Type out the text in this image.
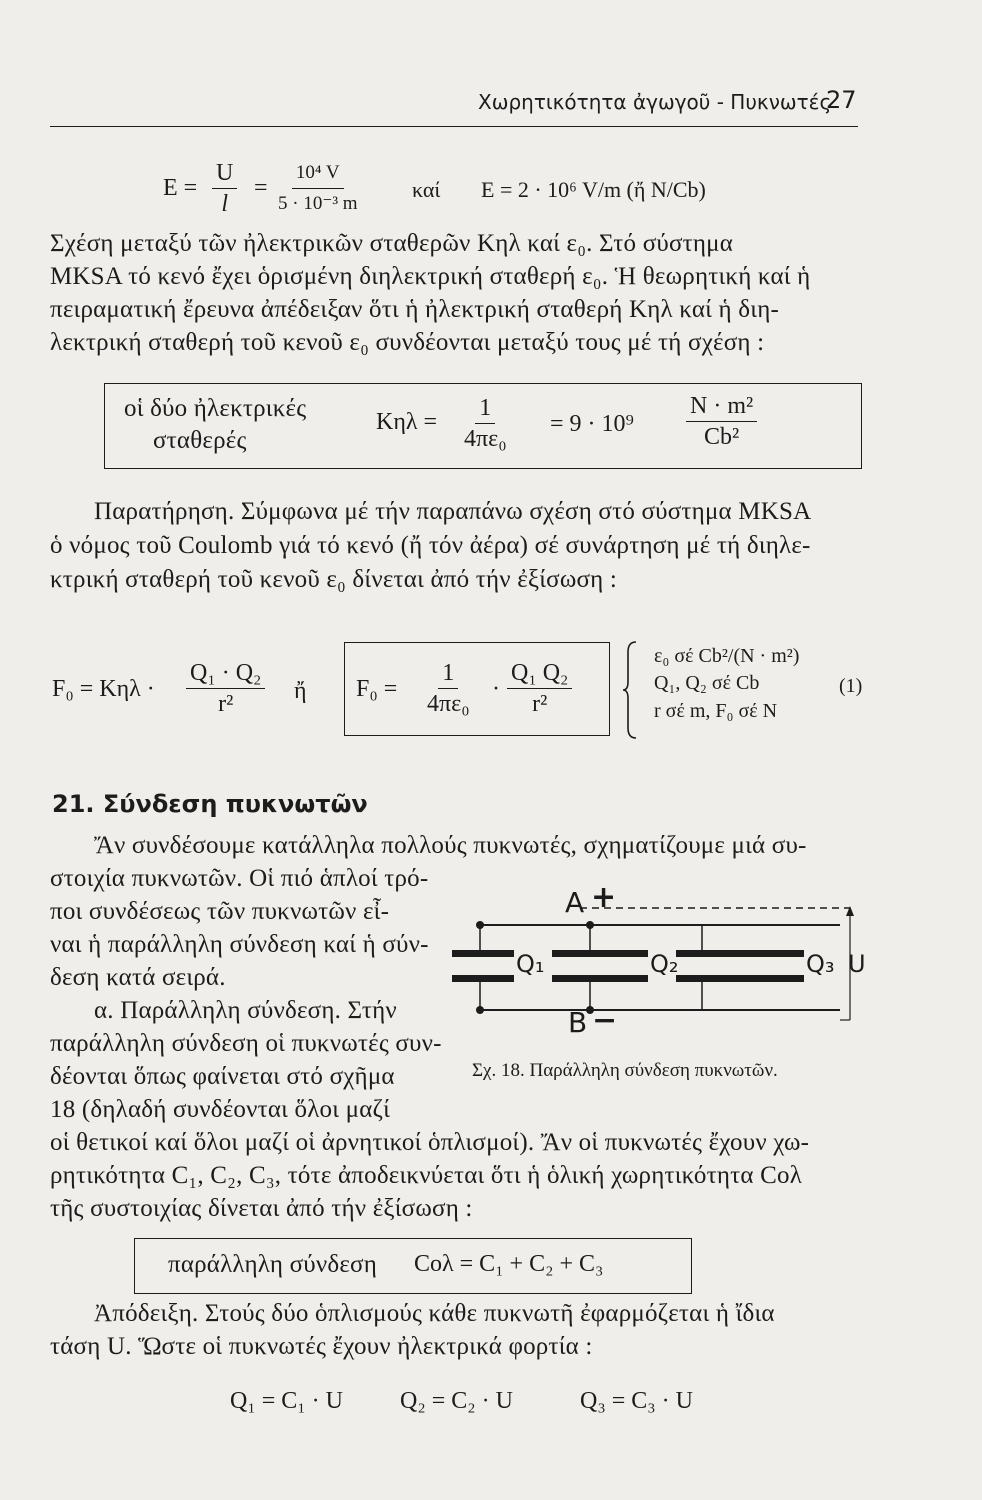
Χωρητικότητα ἀγωγοῦ - Πυκνωτές
27
$E = \frac{U}{l} = \frac{\text{10⁴ V}}{\text{5 · 10⁻³ m}}$ καί E = 2 · 10⁶ V/m (ἤ N/Cb)
Σχέση μεταξύ τῶν ἠλεκτρικῶν σταθερῶν Kηλ καί ε₀. Στό σύστημα
MKSA τό κενό ἔχει ὁρισμένη διηλεκτρική σταθερή ε₀. Ἡ θεωρητική καί ἡ
πειραματική ἔρευνα ἀπέδειξαν ὅτι ἡ ἠλεκτρική σταθερή Kηλ καί ἡ διη-
λεκτρική σταθερή τοῦ κενοῦ ε₀ συνδέονται μεταξύ τους μέ τή σχέση :
οἱ δύο ἠλεκτρικές
σταθερές
$K\eta\lambda = \frac{1}{\text{4πε₀}} = 9 \cdot 10^9 \frac{\text{N · m²}}{\text{Cb²}}$
Παρατήρηση. Σύμφωνα μέ τήν παραπάνω σχέση στό σύστημα MKSA
ὁ νόμος τοῦ Coulomb γιά τό κενό (ἤ τόν ἀέρα) σέ συνάρτηση μέ τή διηλε-
κτρική σταθερή τοῦ κενοῦ ε₀ δίνεται ἀπό τήν ἐξίσωση :
$F_0 = K\eta\lambda \cdot \frac{\text{Q₁ · Q₂}}{\text{r²}}$ ἤ $F_0 = \frac{1}{\text{4πε₀}} \cdot \frac{\text{Q₁ Q₂}}{\text{r²}}$
ε₀ σέ Cb²/(N · m²)
Q₁, Q₂ σέ Cb
r σέ m, F₀ σέ N
(1)
21. Σύνδεση πυκνωτῶν
Ἄν συνδέσουμε κατάλληλα πολλούς πυκνωτές, σχηματίζουμε μιά συ-
στοιχία πυκνωτῶν. Οἱ πιό ἁπλοί τρό-
ποι συνδέσεως τῶν πυκνωτῶν εἶ-
ναι ἡ παράλληλη σύνδεση καί ἡ σύν-
δεση κατά σειρά.
α. Παράλληλη σύνδεση. Στήν
παράλληλη σύνδεση οἱ πυκνωτές συν-
δέονται ὅπως φαίνεται στό σχῆμα
18 (δηλαδή συνδέονται ὅλοι μαζί
A +
B −
Q₁	Q₂	Q₃ U
Σχ. 18. Παράλληλη σύνδεση πυκνωτῶν.
οἱ θετικοί καί ὅλοι μαζί οἱ ἀρνητικοί ὁπλισμοί). Ἄν οἱ πυκνωτές ἔχουν χω-
ρητικότητα C₁, C₂, C₃, τότε ἀποδεικνύεται ὅτι ἡ ὁλική χωρητικότητα Cολ
τῆς συστοιχίας δίνεται ἀπό τήν ἐξίσωση :
παράλληλη σύνδεση Cολ = C₁ + C₂ + C₃
Ἀπόδειξη. Στούς δύο ὁπλισμούς κάθε πυκνωτῆ ἐφαρμόζεται ἡ ἴδια
τάση U. Ὥστε οἱ πυκνωτές ἔχουν ἠλεκτρικά φορτία :
Q₁ = C₁ · U Q₂ = C₂ · U	Q₃ = C₃ · U
